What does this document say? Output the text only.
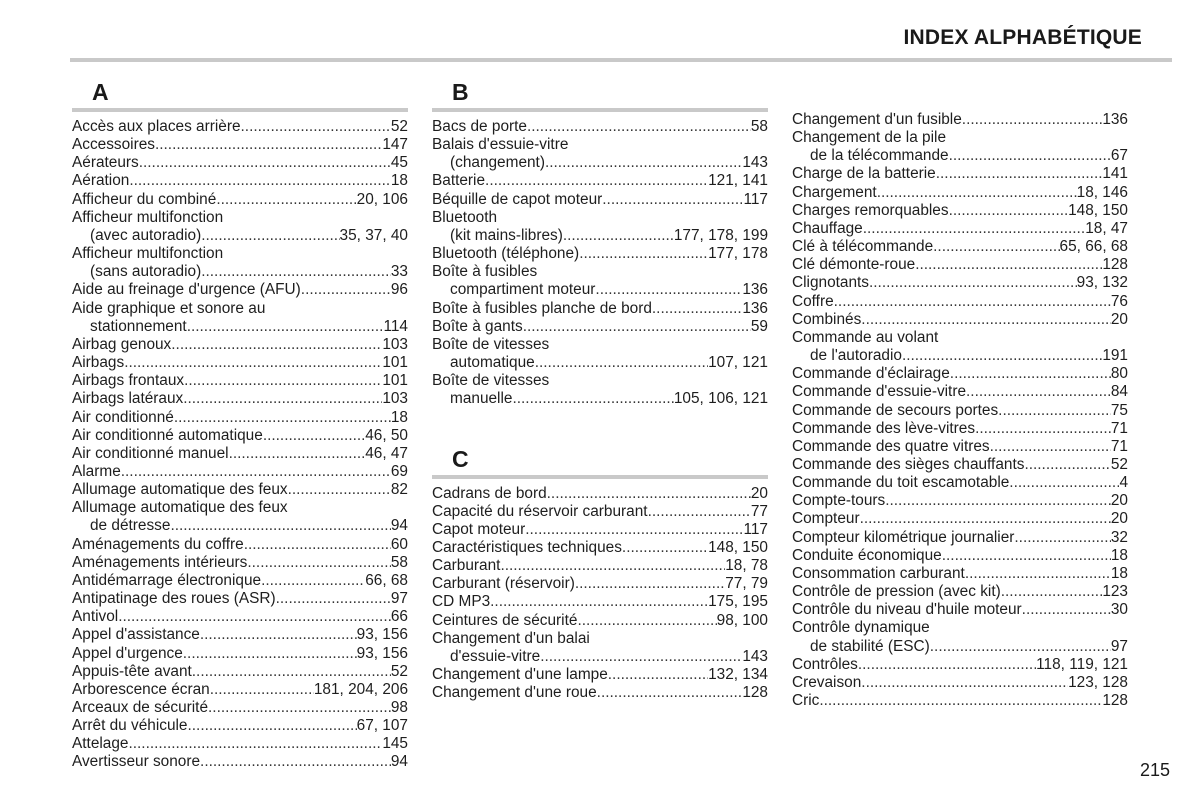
INDEX ALPHABÉTIQUE
A
Accès aux places arrière .....	52
Accessoires .....	147
Aérateurs .....	45
Aération .....	18
Afficheur du combiné .....	20, 106
Afficheur multifonction
(avec autoradio) .....	35, 37, 40
Afficheur multifonction
(sans autoradio) .....	33
Aide au freinage d'urgence (AFU) .....	96
Aide graphique et sonore au
stationnement .....	114
Airbag genoux .....	103
Airbags .....	101
Airbags frontaux .....	101
Airbags latéraux .....	103
Air conditionné .....	18
Air conditionné automatique .....	46, 50
Air conditionné manuel .....	46, 47
Alarme .....	69
Allumage automatique des feux .....	82
Allumage automatique des feux
de détresse .....	94
Aménagements du coffre .....	60
Aménagements intérieurs .....	58
Antidémarrage électronique .....	66, 68
Antipatinage des roues (ASR) .....	97
Antivol .....	66
Appel d'assistance .....	93, 156
Appel d'urgence .....	93, 156
Appuis-tête avant .....	52
Arborescence écran .....	181, 204, 206
Arceaux de sécurité .....	98
Arrêt du véhicule .....	67, 107
Attelage .....	145
Avertisseur sonore .....	94
B
Bacs de porte .....	58
Balais d'essuie-vitre
(changement) .....	143
Batterie .....	121, 141
Béquille de capot moteur .....	117
Bluetooth
(kit mains-libres) .....	177, 178, 199
Bluetooth (téléphone) .....	177, 178
Boîte à fusibles
compartiment moteur .....	136
Boîte à fusibles planche de bord .....	136
Boîte à gants .....	59
Boîte de vitesses
automatique .....	107, 121
Boîte de vitesses
manuelle .....	105, 106, 121
C
Cadrans de bord .....	20
Capacité du réservoir carburant .....	77
Capot moteur .....	117
Caractéristiques techniques .....	148, 150
Carburant .....	18, 78
Carburant (réservoir) .....	77, 79
CD MP3 .....	175, 195
Ceintures de sécurité .....	98, 100
Changement d'un balai
d'essuie-vitre .....	143
Changement d'une lampe .....	132, 134
Changement d'une roue .....	128
Changement d'un fusible .....	136
Changement de la pile
de la télécommande .....	67
Charge de la batterie .....	141
Chargement .....	18, 146
Charges remorquables .....	148, 150
Chauffage .....	18, 47
Clé à télécommande .....	65, 66, 68
Clé démonte-roue .....	128
Clignotants .....	93, 132
Coffre .....	76
Combinés .....	20
Commande au volant
de l'autoradio .....	191
Commande d'éclairage .....	80
Commande d'essuie-vitre .....	84
Commande de secours portes .....	75
Commande des lève-vitres .....	71
Commande des quatre vitres .....	71
Commande des sièges chauffants .....	52
Commande du toit escamotable .....	4
Compte-tours .....	20
Compteur .....	20
Compteur kilométrique journalier .....	32
Conduite économique .....	18
Consommation carburant .....	18
Contrôle de pression (avec kit) .....	123
Contrôle du niveau d'huile moteur .....	30
Contrôle dynamique
de stabilité (ESC) .....	97
Contrôles .....	118, 119, 121
Crevaison .....	123, 128
Cric .....	128
215
